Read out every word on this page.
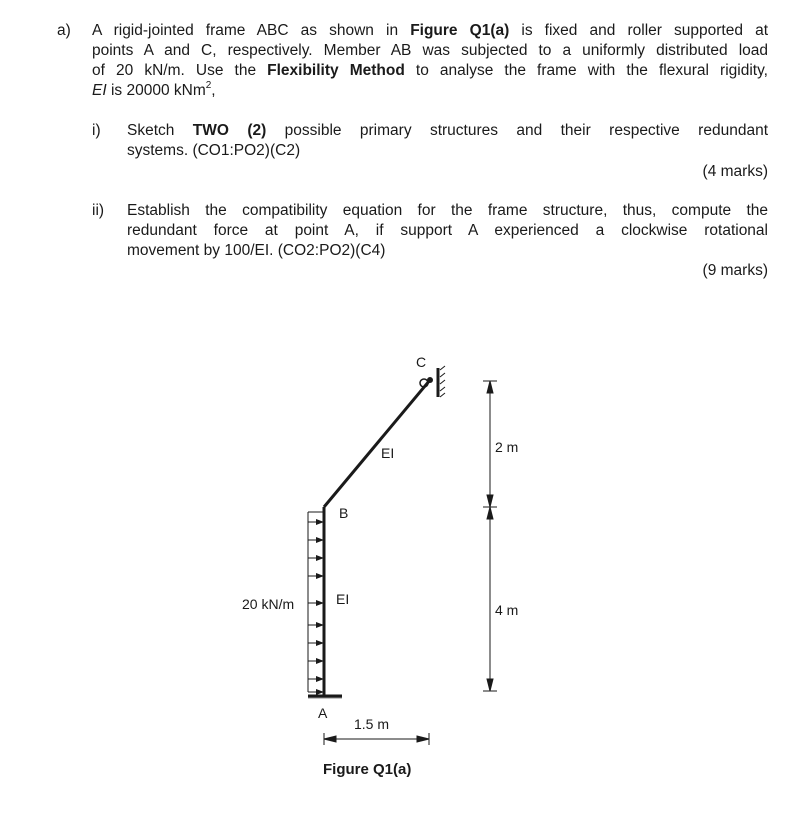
a) A rigid-jointed frame ABC as shown in Figure Q1(a) is fixed and roller supported at
points A and C, respectively. Member AB was subjected to a uniformly distributed load
of 20 kN/m. Use the Flexibility Method to analyse the frame with the flexural rigidity,
EI is 20000 kNm$^2$,
i) Sketch TWO (2) possible primary structures and their respective redundant
systems. (CO1:PO2)(C2)
(4 marks)
ii) Establish the compatibility equation for the frame structure, thus, compute the
redundant force at point A, if support A experienced a clockwise rotational
movement by 100/EI. (CO2:PO2)(C4)
(9 marks)
C
EI
B
EI
20 kN/m
A
2 m
4 m
1.5 m
Figure Q1(a)
